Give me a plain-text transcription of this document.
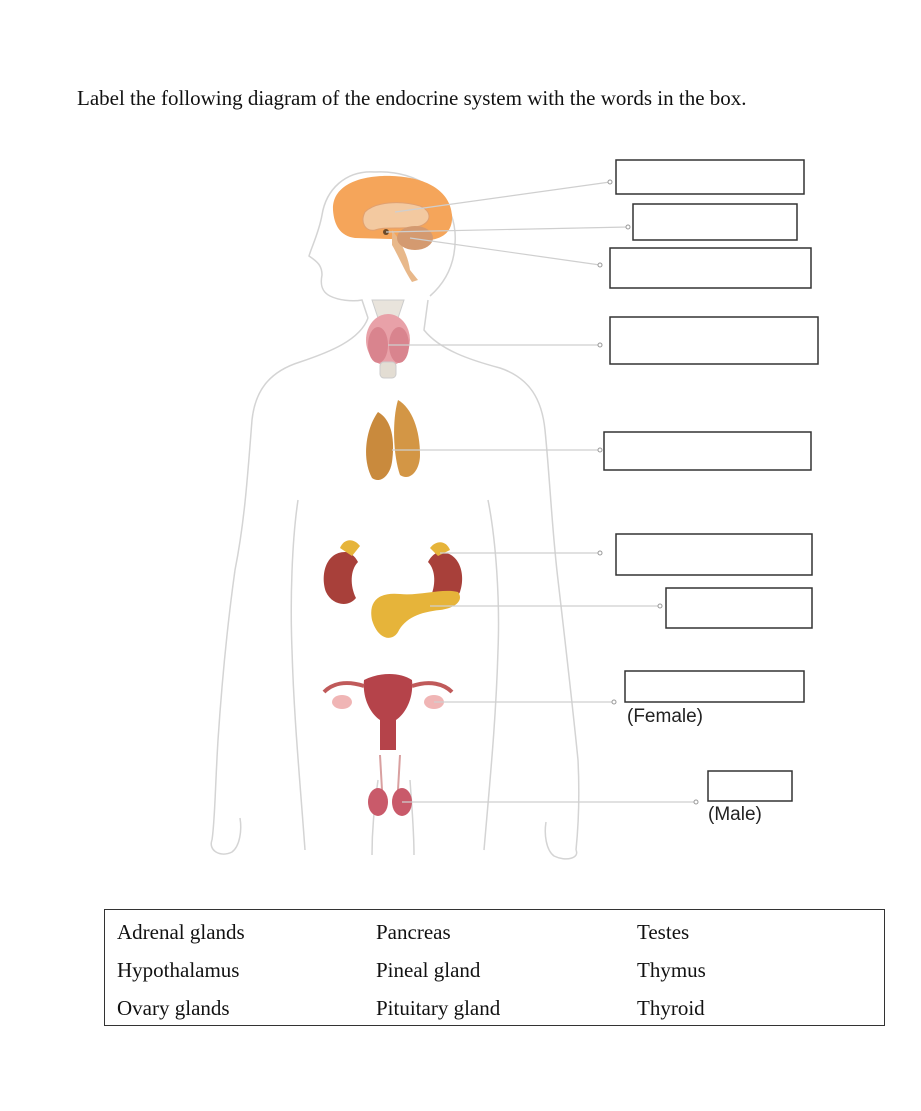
Label the following diagram of the endocrine system with the words in the box.
(Female)
(Male)
Adrenal glands	Pancreas	Testes
Hypothalamus	Pineal gland	Thymus
Ovary glands	Pituitary gland	Thyroid
